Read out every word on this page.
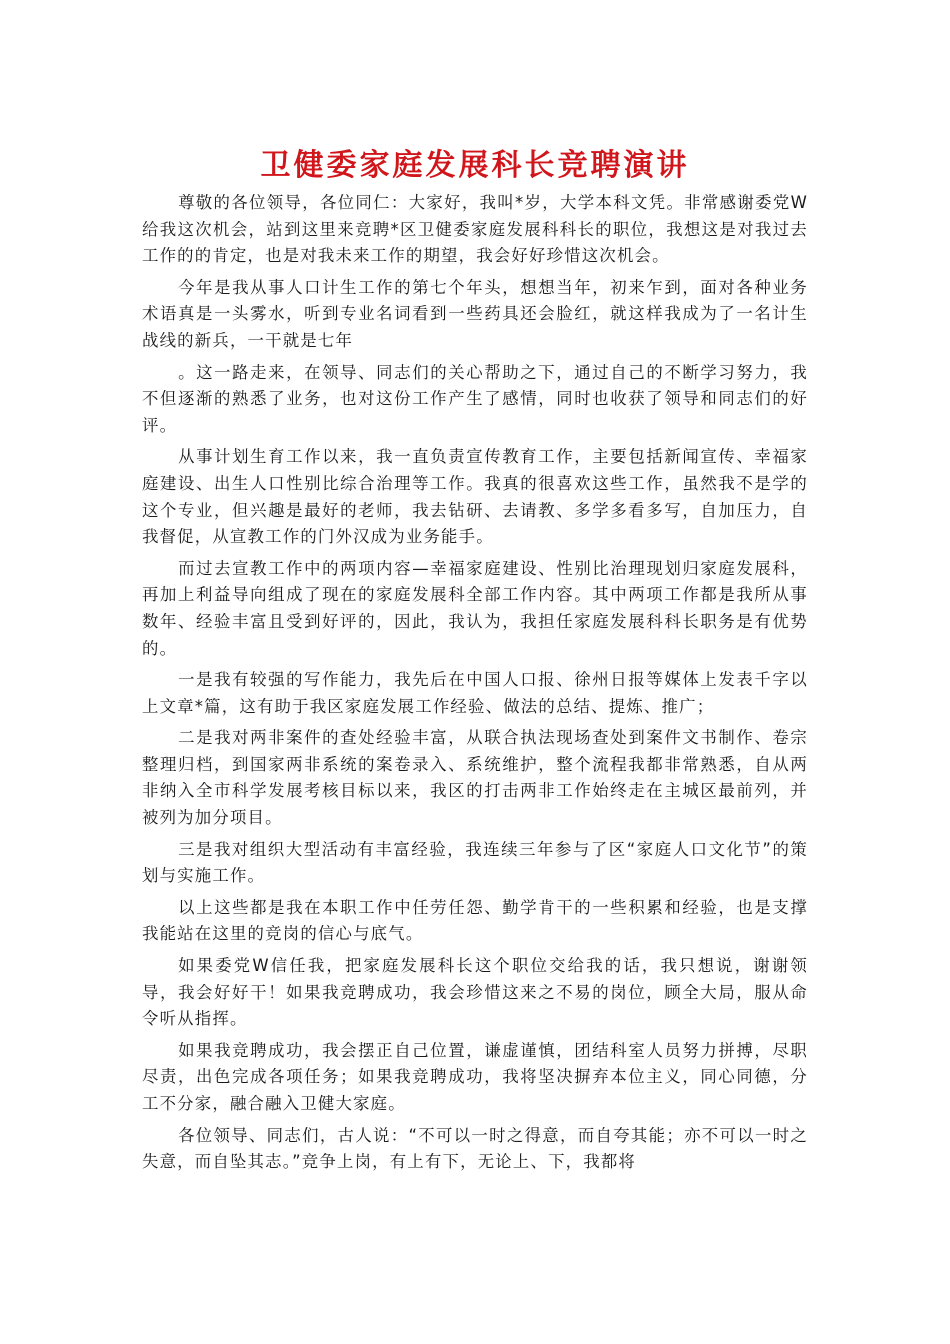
卫健委家庭发展科长竞聘演讲

尊敬的各位领导，各位同仁：大家好，我叫*岁，大学本科文凭。非常感谢委党W给我这次机会，站到这里来竞聘*区卫健委家庭发展科科长的职位，我想这是对我过去工作的的肯定，也是对我未来工作的期望，我会好好珍惜这次机会。

今年是我从事人口计生工作的第七个年头，想想当年，初来乍到，面对各种业务术语真是一头雾水，听到专业名词看到一些药具还会脸红，就这样我成为了一名计生战线的新兵，一干就是七年

。这一路走来，在领导、同志们的关心帮助之下，通过自己的不断学习努力，我不但逐渐的熟悉了业务，也对这份工作产生了感情，同时也收获了领导和同志们的好评。

从事计划生育工作以来，我一直负责宣传教育工作，主要包括新闻宣传、幸福家庭建设、出生人口性别比综合治理等工作。我真的很喜欢这些工作，虽然我不是学的这个专业，但兴趣是最好的老师，我去钻研、去请教、多学多看多写，自加压力，自我督促，从宣教工作的门外汉成为业务能手。

而过去宣教工作中的两项内容—幸福家庭建设、性别比治理现划归家庭发展科，再加上利益导向组成了现在的家庭发展科全部工作内容。其中两项工作都是我所从事数年、经验丰富且受到好评的，因此，我认为，我担任家庭发展科科长职务是有优势的。

一是我有较强的写作能力，我先后在中国人口报、徐州日报等媒体上发表千字以上文章*篇，这有助于我区家庭发展工作经验、做法的总结、提炼、推广；

二是我对两非案件的查处经验丰富，从联合执法现场查处到案件文书制作、卷宗整理归档，到国家两非系统的案卷录入、系统维护，整个流程我都非常熟悉，自从两非纳入全市科学发展考核目标以来，我区的打击两非工作始终走在主城区最前列，并被列为加分项目。

三是我对组织大型活动有丰富经验，我连续三年参与了区“家庭人口文化节”的策划与实施工作。

以上这些都是我在本职工作中任劳任怨、勤学肯干的一些积累和经验，也是支撑我能站在这里的竞岗的信心与底气。

如果委党W信任我，把家庭发展科长这个职位交给我的话，我只想说，谢谢领导，我会好好干！如果我竞聘成功，我会珍惜这来之不易的岗位，顾全大局，服从命令听从指挥。

如果我竞聘成功，我会摆正自己位置，谦虚谨慎，团结科室人员努力拼搏，尽职尽责，出色完成各项任务；如果我竞聘成功，我将坚决摒弃本位主义，同心同德，分工不分家，融合融入卫健大家庭。

各位领导、同志们，古人说：“不可以一时之得意，而自夸其能；亦不可以一时之失意，而自坠其志。”竞争上岗，有上有下，无论上、下，我都将
